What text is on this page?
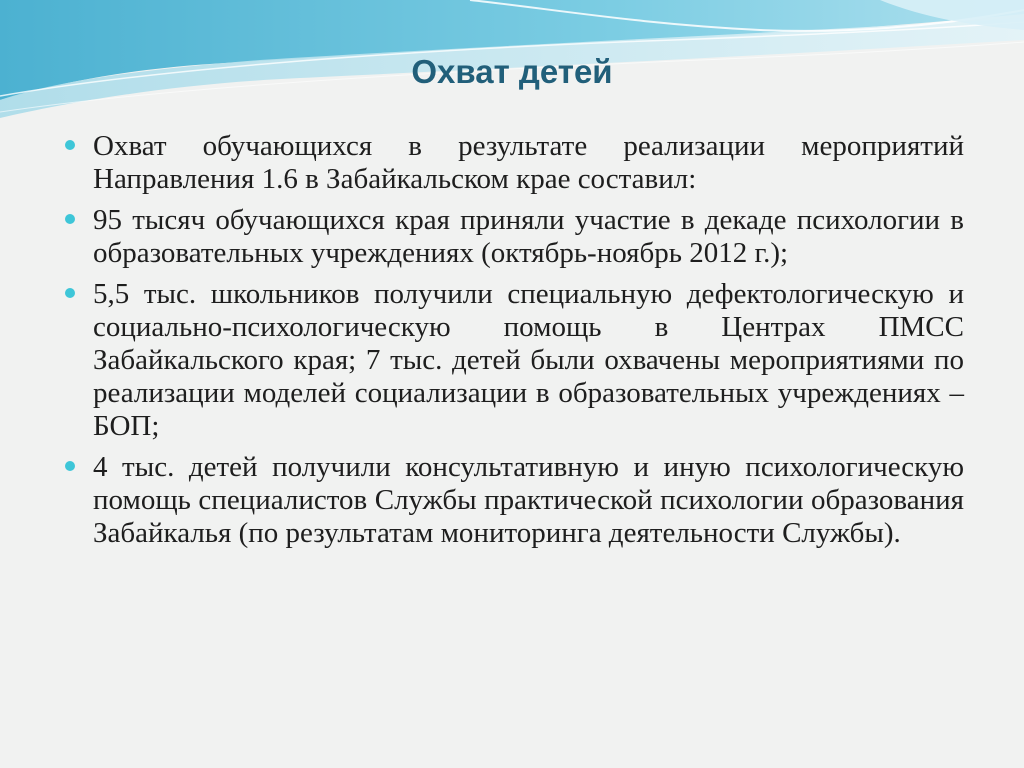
Охват детей
Охват обучающихся в результате реализации мероприятий Направления 1.6 в Забайкальском крае составил:
95 тысяч обучающихся края приняли участие в декаде психологии в образовательных учреждениях (октябрь-ноябрь 2012 г.);
5,5 тыс. школьников получили специальную дефектологическую и социально-психологическую помощь в Центрах ПМСС Забайкальского края; 7 тыс. детей были охвачены мероприятиями по реализации моделей социализации в образовательных учреждениях – БОП;
4 тыс. детей получили консультативную и иную психологическую помощь специалистов Службы практической психологии образования Забайкалья (по результатам мониторинга деятельности Службы).
